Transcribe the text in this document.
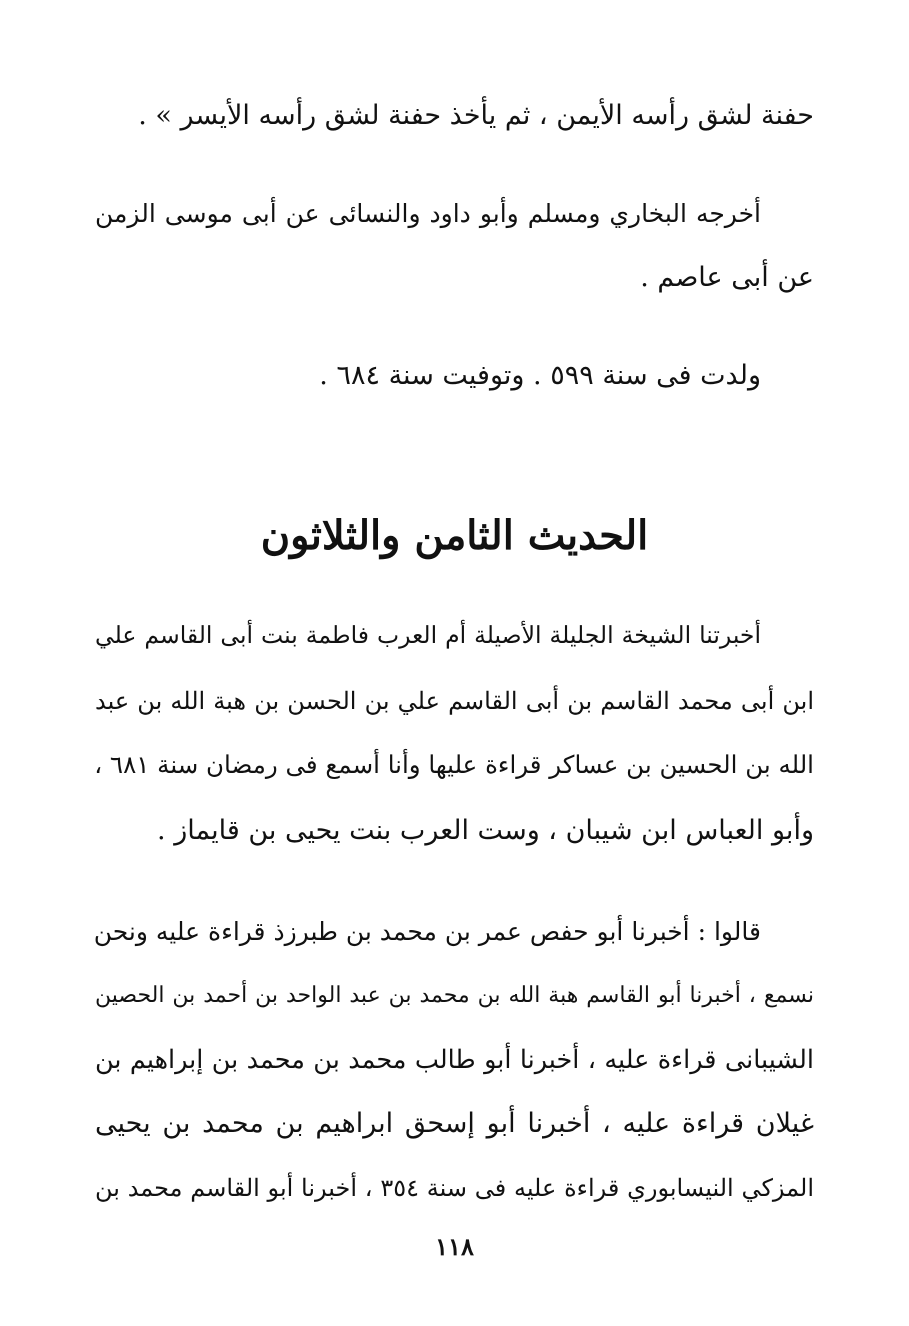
حفنة لشق رأسه الأيمن ، ثم يأخذ حفنة لشق رأسه الأيسر » .
أخرجه البخاري ومسلم وأبو داود والنسائى عن أبى موسى الزمن
عن أبى عاصم .
ولدت فى سنة ٥٩٩ . وتوفيت سنة ٦٨٤ .
الحديث الثامن والثلاثون
أخبرتنا الشيخة الجليلة الأصيلة أم العرب فاطمة بنت أبى القاسم علي
ابن أبى محمد القاسم بن أبى القاسم علي بن الحسن بن هبة الله بن عبد
الله بن الحسين بن عساكر قراءة عليها وأنا أسمع فى رمضان سنة ٦٨١ ،
وأبو العباس ابن شيبان ، وست العرب بنت يحيى بن قايماز .
قالوا : أخبرنا أبو حفص عمر بن محمد بن طبرزذ قراءة عليه ونحن
نسمع ، أخبرنا أبو القاسم هبة الله بن محمد بن عبد الواحد بن أحمد بن الحصين
الشيبانى قراءة عليه ، أخبرنا أبو طالب محمد بن محمد بن إبراهيم بن
غيلان قراءة عليه ، أخبرنا أبو إسحق ابراهيم بن محمد بن يحيى
المزكي النيسابوري قراءة عليه فى سنة ٣٥٤ ، أخبرنا أبو القاسم محمد بن
١١٨
